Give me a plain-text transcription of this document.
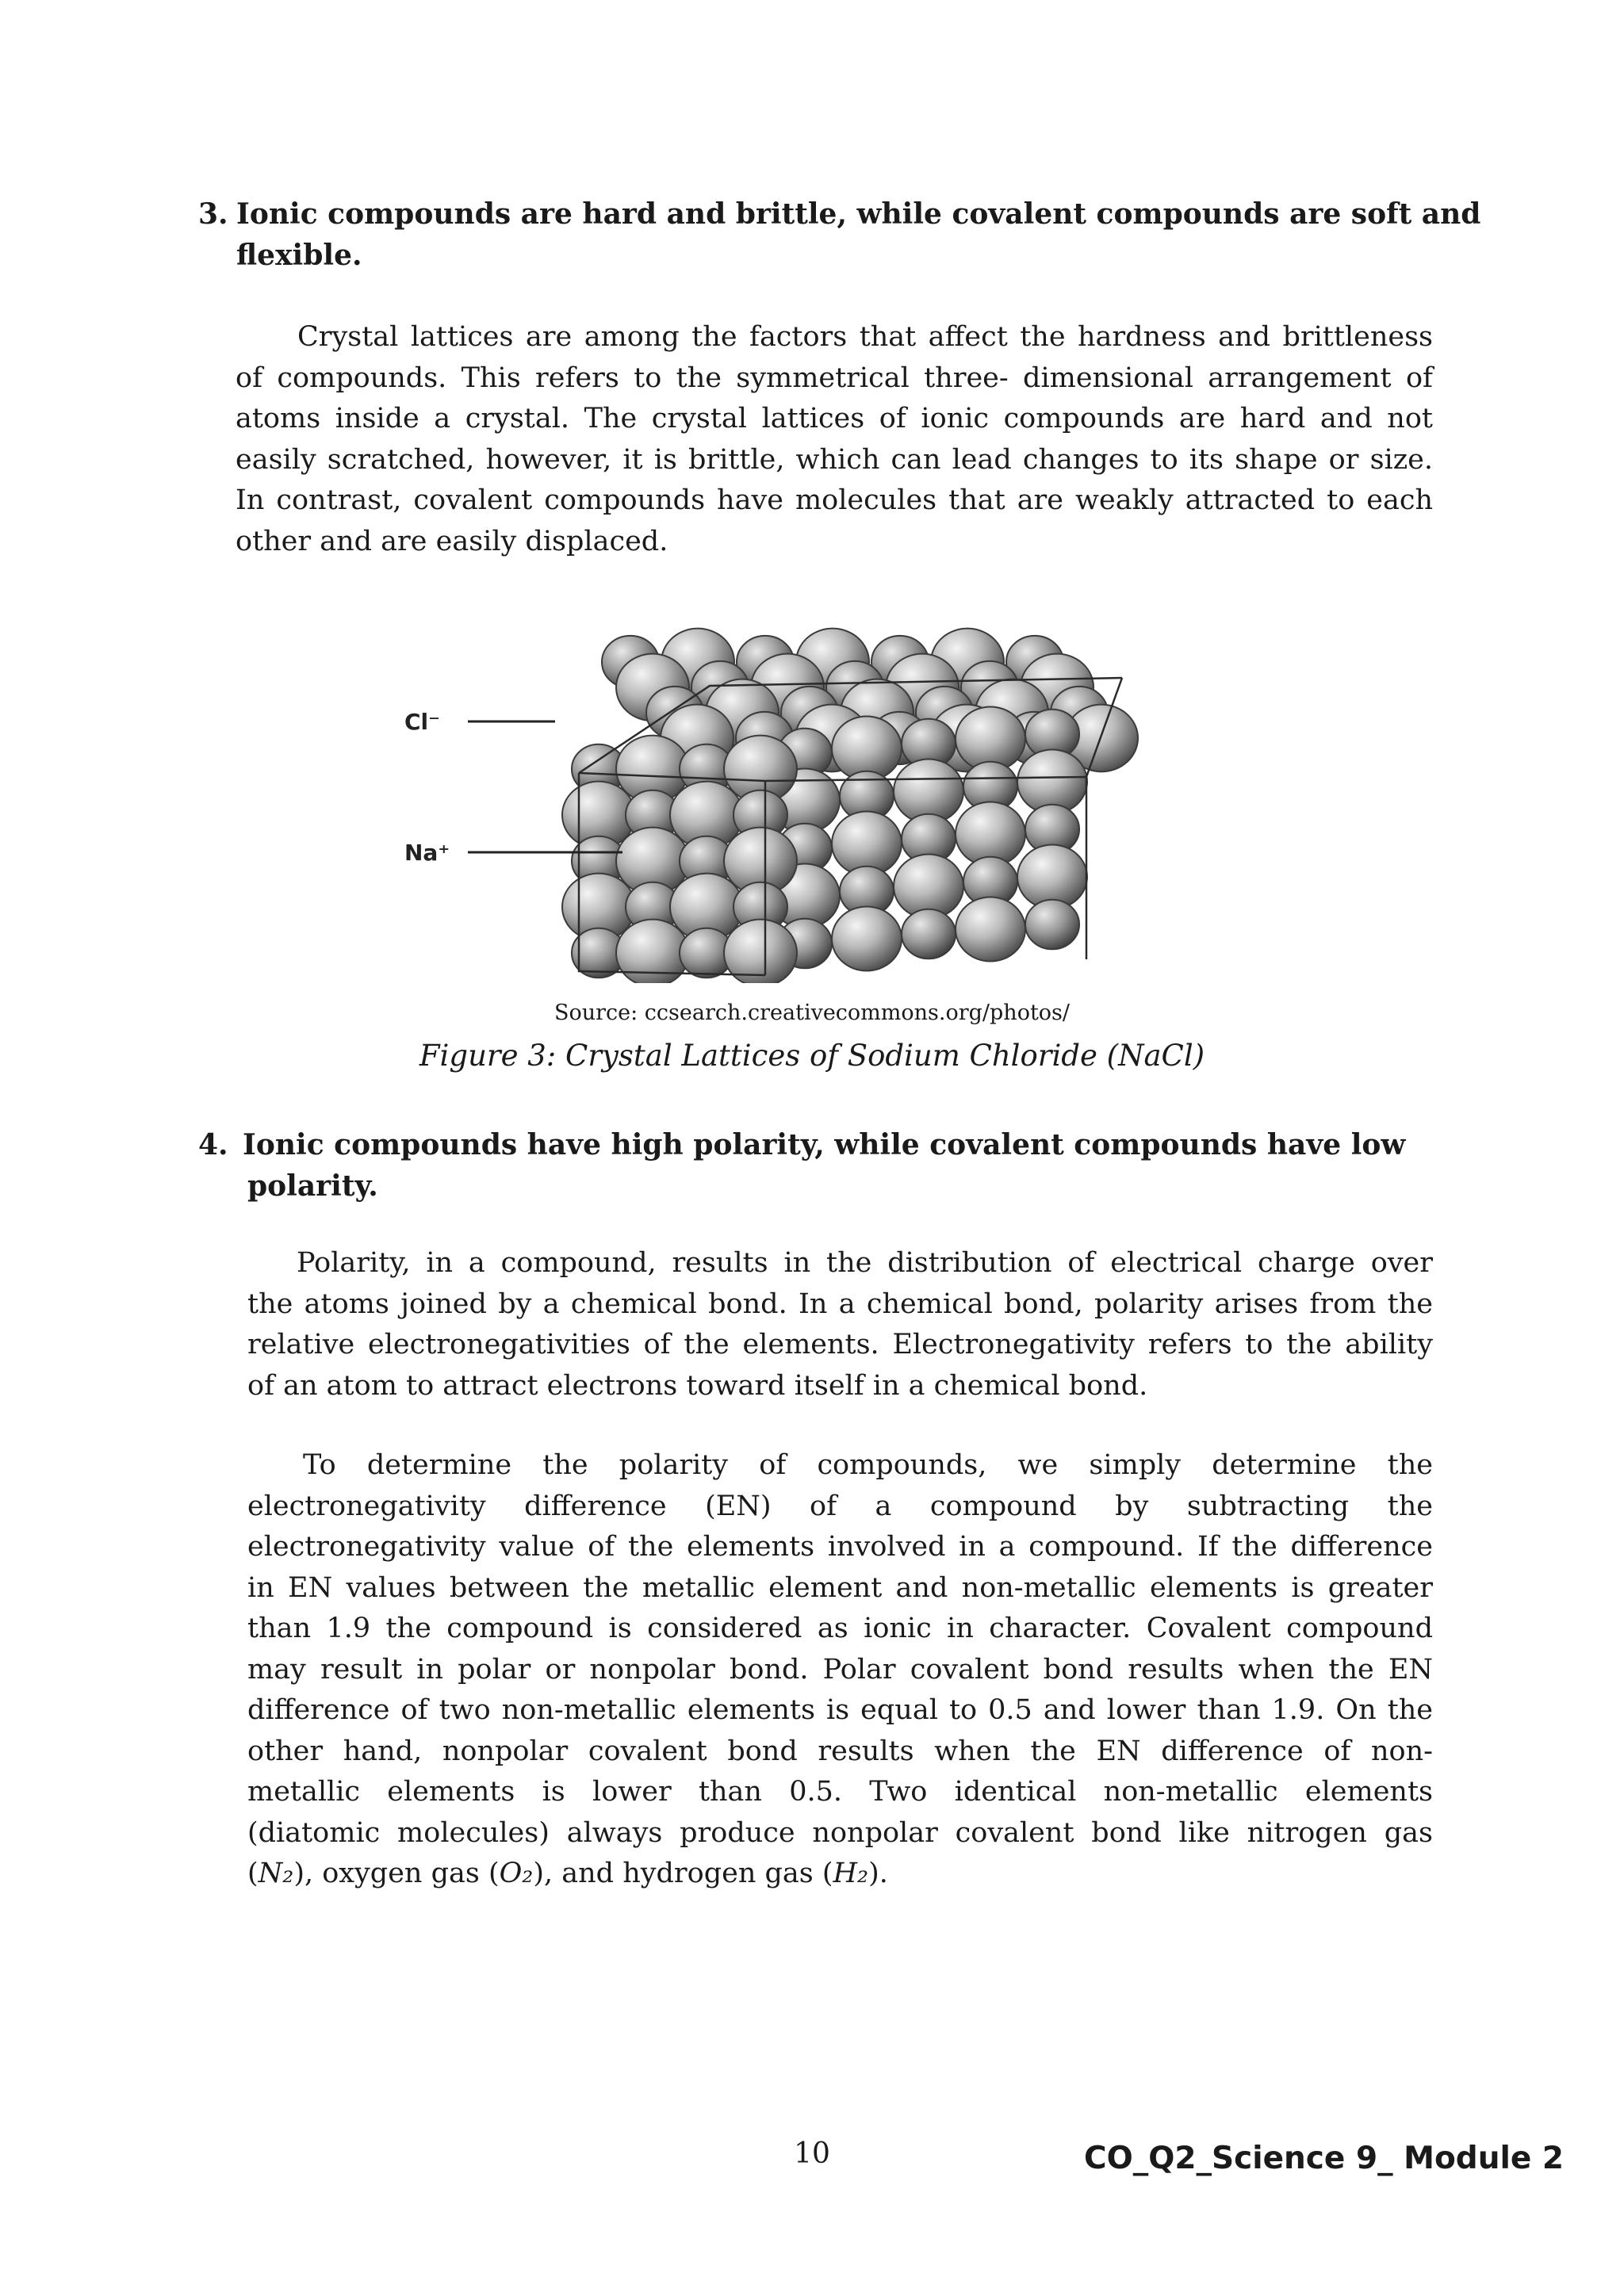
3. Ionic compounds are hard and brittle, while covalent compounds are soft and
flexible.
Crystal lattices are among the factors that affect the hardness and brittleness
of compounds. This refers to the symmetrical three- dimensional arrangement of
atoms inside a crystal. The crystal lattices of ionic compounds are hard and not
easily scratched, however, it is brittle, which can lead changes to its shape or size.
In contrast, covalent compounds have molecules that are weakly attracted to each
other and are easily displaced.
Cl⁻
Na⁺
Source: ccsearch.creativecommons.org/photos/
Figure 3: Crystal Lattices of Sodium Chloride (NaCl)
4. Ionic compounds have high polarity, while covalent compounds have low
polarity.
Polarity, in a compound, results in the distribution of electrical charge over
the atoms joined by a chemical bond. In a chemical bond, polarity arises from the
relative electronegativities of the elements. Electronegativity refers to the ability
of an atom to attract electrons toward itself in a chemical bond.
To determine the polarity of compounds, we simply determine the
electronegativity difference (EN) of a compound by subtracting the
electronegativity value of the elements involved in a compound. If the difference
in EN values between the metallic element and non-metallic elements is greater
than 1.9 the compound is considered as ionic in character. Covalent compound
may result in polar or nonpolar bond. Polar covalent bond results when the EN
difference of two non-metallic elements is equal to 0.5 and lower than 1.9. On the
other hand, nonpolar covalent bond results when the EN difference of non-
metallic elements is lower than 0.5. Two identical non-metallic elements
(diatomic molecules) always produce nonpolar covalent bond like nitrogen gas
(N₂), oxygen gas (O₂), and hydrogen gas (H₂).
10	CO_Q2_Science 9_ Module 2
